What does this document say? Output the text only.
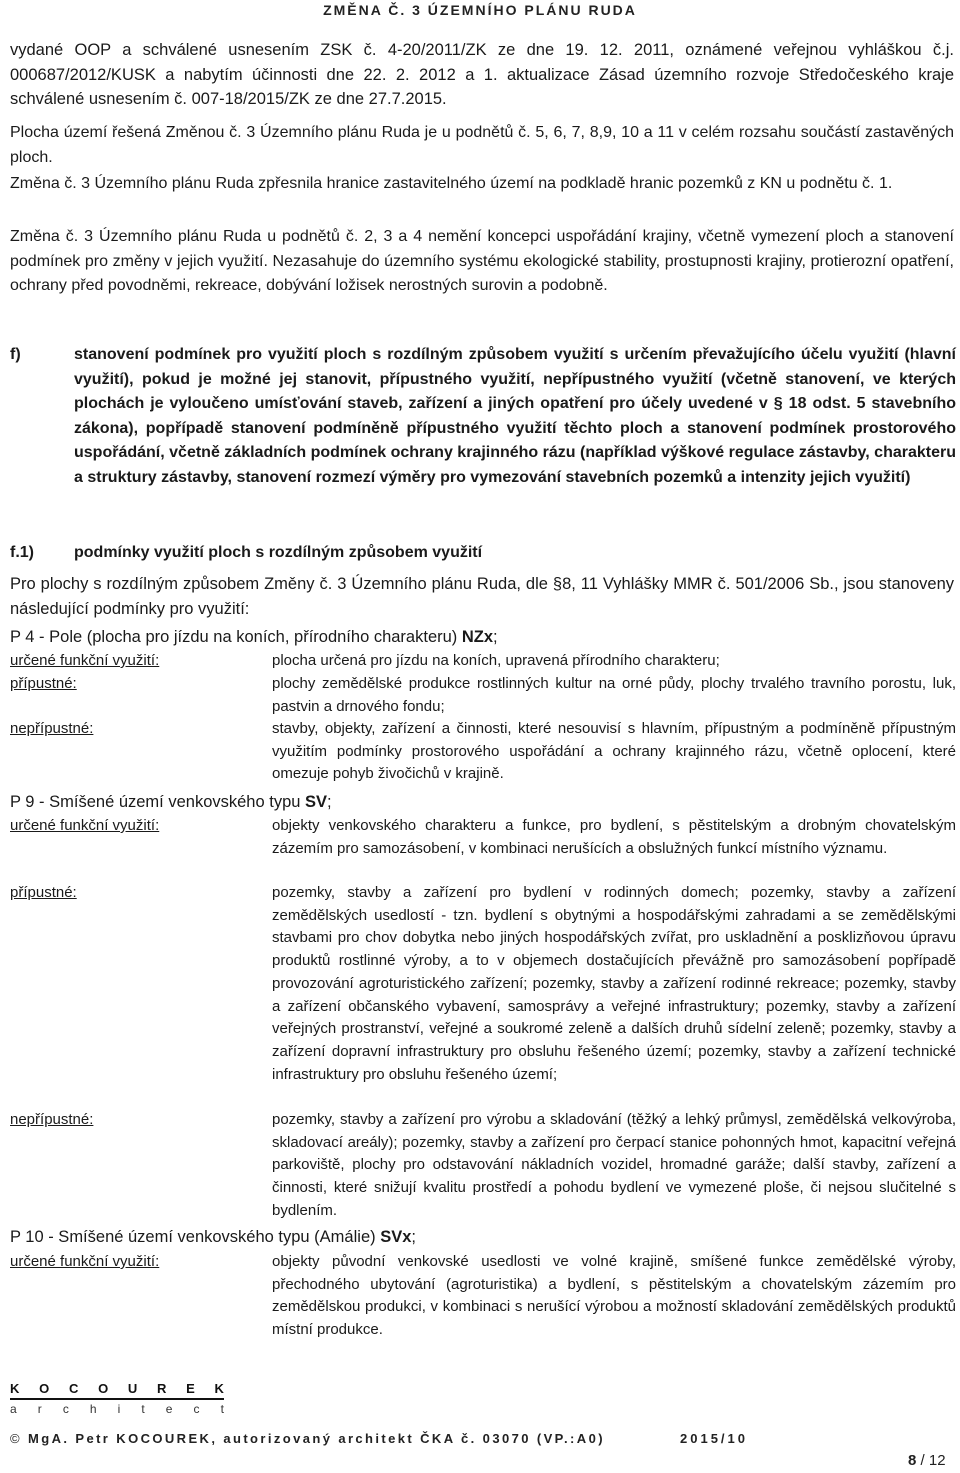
ZMĚNA Č. 3 ÚZEMNÍHO PLÁNU RUDA
vydané OOP a schválené usnesením ZSK č. 4-20/2011/ZK ze dne 19. 12. 2011, oznámené veřejnou vyhláškou č.j. 000687/2012/KUSK a nabytím účinnosti dne 22. 2. 2012 a 1. aktualizace Zásad územního rozvoje Středočeského kraje schválené usnesením č. 007-18/2015/ZK ze dne 27.7.2015.
Plocha území řešená Změnou č. 3 Územního plánu Ruda je u podnětů č. 5, 6, 7, 8,9, 10 a 11 v celém rozsahu součástí zastavěných ploch.
Změna č. 3 Územního plánu Ruda zpřesnila hranice zastavitelného území na podkladě hranic pozemků z KN u podnětu č. 1.
Změna č. 3 Územního plánu Ruda u podnětů č. 2, 3 a 4 nemění koncepci uspořádání krajiny, včetně vymezení ploch a stanovení podmínek pro změny v jejich využití. Nezasahuje do územního systému ekologické stability, prostupnosti krajiny, protierozní opatření, ochrany před povodněmi, rekreace, dobývání ložisek nerostných surovin a podobně.
f)	stanovení podmínek pro využití ploch s rozdílným způsobem využití s určením převažujícího účelu využití (hlavní využití), pokud je možné jej stanovit, přípustného využití, nepřípustného využití (včetně stanovení, ve kterých plochách je vyloučeno umísťování staveb, zařízení a jiných opatření pro účely uvedené v § 18 odst. 5 stavebního zákona), popřípadě stanovení podmíněně přípustného využití těchto ploch a stanovení podmínek prostorového uspořádání, včetně základních podmínek ochrany krajinného rázu (například výškové regulace zástavby, charakteru a struktury zástavby, stanovení rozmezí výměry pro vymezování stavebních pozemků a intenzity jejich využití)
f.1)	podmínky využití ploch s rozdílným způsobem využití
Pro plochy s rozdílným způsobem Změny č. 3 Územního plánu Ruda, dle §8, 11 Vyhlášky MMR č. 501/2006 Sb., jsou stanoveny následující podmínky pro využití:
P 4 - Pole (plocha pro jízdu na koních, přírodního charakteru) NZx;
určené funkční využití:	plocha určená pro jízdu na koních, upravená přírodního charakteru;
přípustné:	plochy zemědělské produkce rostlinných kultur na orné půdy, plochy trvalého travního porostu, luk, pastvin a drnového fondu;
nepřípustné:	stavby, objekty, zařízení a činnosti, které nesouvisí s hlavním, přípustným a podmíněně přípustným využitím podmínky prostorového uspořádání a ochrany krajinného rázu, včetně oplocení, které omezuje pohyb živočichů v krajině.
P 9 - Smíšené území venkovského typu SV;
určené funkční využití:	objekty venkovského charakteru a funkce, pro bydlení, s pěstitelským a drobným chovatelským zázemím pro samozásobení, v kombinaci nerušících a obslužných funkcí místního významu.
přípustné:	pozemky, stavby a zařízení pro bydlení v rodinných domech; pozemky, stavby a zařízení zemědělských usedlostí - tzn. bydlení s obytnými a hospodářskými zahradami a se zemědělskými stavbami pro chov dobytka nebo jiných hospodářských zvířat, pro uskladnění a posklizňovou úpravu produktů rostlinné výroby, a to v objemech dostačujících převážně pro samozásobení popřípadě provozování agroturistického zařízení; pozemky, stavby a zařízení rodinné rekreace; pozemky, stavby a zařízení občanského vybavení, samosprávy a veřejné infrastruktury; pozemky, stavby a zařízení veřejných prostranství, veřejné a soukromé zeleně a dalších druhů sídelní zeleně; pozemky, stavby a zařízení dopravní infrastruktury pro obsluhu řešeného území; pozemky, stavby a zařízení technické infrastruktury pro obsluhu řešeného území;
nepřípustné:	pozemky, stavby a zařízení pro výrobu a skladování (těžký a lehký průmysl, zemědělská velkovýroba, skladovací areály); pozemky, stavby a zařízení pro čerpací stanice pohonných hmot, kapacitní veřejná parkoviště, plochy pro odstavování nákladních vozidel, hromadné garáže; další stavby, zařízení a činnosti, které snižují kvalitu prostředí a pohodu bydlení ve vymezené ploše, či nejsou slučitelné s bydlením.
P 10 - Smíšené území venkovského typu (Amálie) SVx;
určené funkční využití:	objekty původní venkovské usedlosti ve volné krajině, smíšené funkce zemědělské výroby, přechodného ubytování (agroturistika) a bydlení, s pěstitelským a chovatelským zázemím pro zemědělskou produkci, v kombinaci s nerušící výrobou a možností skladování zemědělských produktů místní produkce.
K O C O U R E K
a r c h i t e c t
© MgA. Petr KOCOUREK, autorizovaný architekt ČKA č. 03070 (VP.:A0)	2015/10
8 / 12
